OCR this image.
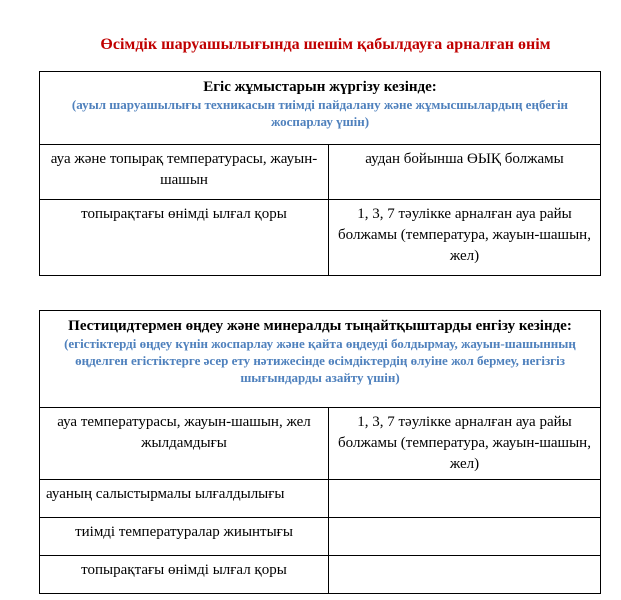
Өсімдік шаруашылығында шешім қабылдауға арналған өнім
Егіс жұмыстарын жүргізу кезінде:
(ауыл шаруашылығы техникасын тиімді пайдалану және жұмысшылардың еңбегін жоспарлау үшін)	

ауа және топырақ температурасы, жауын-шашын	аудан бойынша ӨЫҚ болжамы
топырақтағы өнімді ылғал қоры	1, 3, 7 тәулікке арналған ауа райы болжамы (температура, жауын-шашын, жел)
Пестицидтермен өңдеу және минералды тыңайтқыштарды енгізу кезінде:
(егістіктерді өңдеу күнін жоспарлау және қайта өңдеуді болдырмау, жауын-шашынның өңделген егістіктерге әсер ету нәтижесінде өсімдіктердің өлуіне жол бермеу, негізгіз шығындарды азайту үшін)	

ауа температурасы, жауын-шашын, жел жылдамдығы	1, 3, 7 тәулікке арналған ауа райы болжамы (температура, жауын-шашын, жел)
ауаның салыстырмалы ылғалдылығы	
тиімді температуралар жиынтығы	
топырақтағы өнімді ылғал қоры	
